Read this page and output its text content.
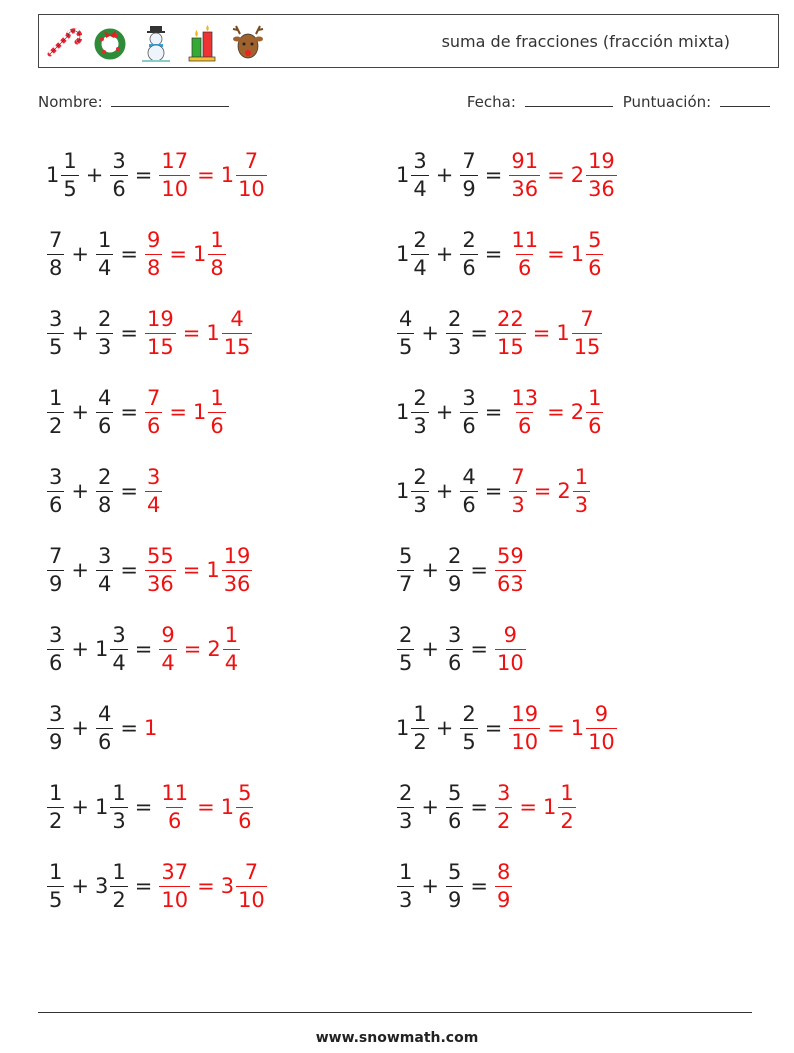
suma de fracciones (fracción mixta)
Nombre:	Fecha:	Puntuación:
$1 \frac{1}{5} + \frac{3}{6} = \frac{17}{10} = 1 \frac{7}{10}$	$1 \frac{3}{4} + \frac{7}{9} = \frac{91}{36} = 2 \frac{19}{36}$
$\frac{7}{8} + \frac{1}{4} = \frac{9}{8} = 1 \frac{1}{8}$	$1 \frac{2}{4} + \frac{2}{6} = \frac{11}{6} = 1 \frac{5}{6}$
$\frac{3}{5} + \frac{2}{3} = \frac{19}{15} = 1 \frac{4}{15}$	$\frac{4}{5} + \frac{2}{3} = \frac{22}{15} = 1 \frac{7}{15}$
$\frac{1}{2} + \frac{4}{6} = \frac{7}{6} = 1 \frac{1}{6}$	$1 \frac{2}{3} + \frac{3}{6} = \frac{13}{6} = 2 \frac{1}{6}$
$\frac{3}{6} + \frac{2}{8} = \frac{3}{4}$	$1 \frac{2}{3} + \frac{4}{6} = \frac{7}{3} = 2 \frac{1}{3}$
$\frac{7}{9} + \frac{3}{4} = \frac{55}{36} = 1 \frac{19}{36}$	$\frac{5}{7} + \frac{2}{9} = \frac{59}{63}$
$\frac{3}{6} + 1 \frac{3}{4} = \frac{9}{4} = 2 \frac{1}{4}$	$\frac{2}{5} + \frac{3}{6} = \frac{9}{10}$
$\frac{3}{9} + \frac{4}{6} = 1$	$1 \frac{1}{2} + \frac{2}{5} = \frac{19}{10} = 1 \frac{9}{10}$
$\frac{1}{2} + 1 \frac{1}{3} = \frac{11}{6} = 1 \frac{5}{6}$	$\frac{2}{3} + \frac{5}{6} = \frac{3}{2} = 1 \frac{1}{2}$
$\frac{1}{5} + 3 \frac{1}{2} = \frac{37}{10} = 3 \frac{7}{10}$	$\frac{1}{3} + \frac{5}{9} = \frac{8}{9}$
www.snowmath.com
